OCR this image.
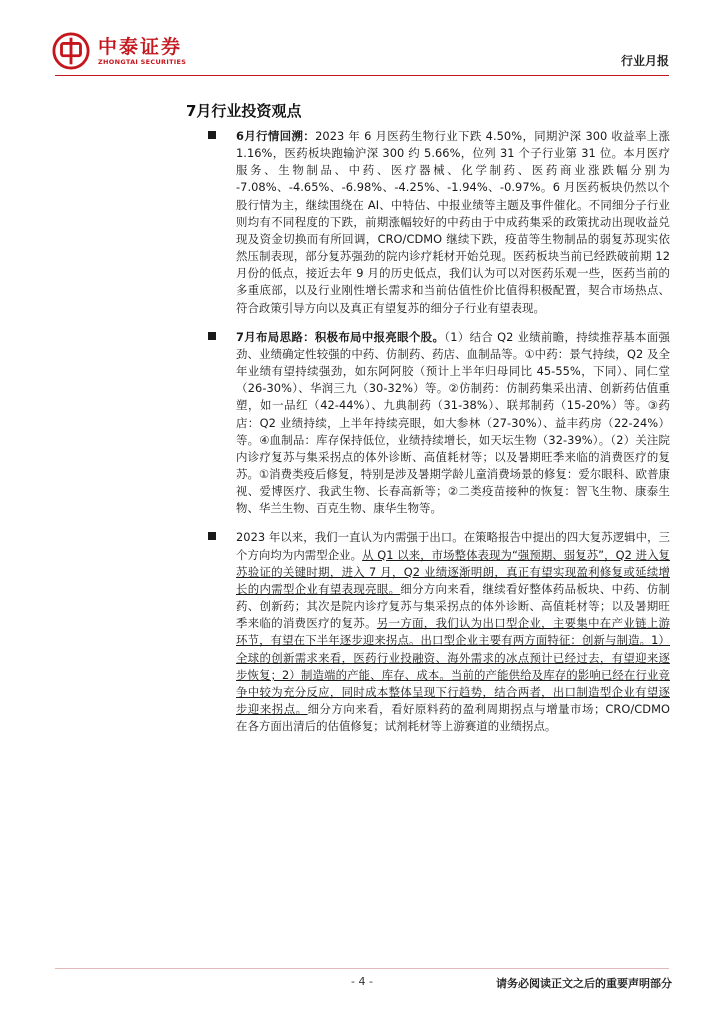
中泰证券
ZHONGTAI SECURITIES	行业月报
7月行业投资观点
6月行情回溯：2023 年 6 月医药生物行业下跌 4.50%，同期沪深 300 收益率上涨 1.16%，医药板块跑输沪深 300 约 5.66%，位列 31 个子行业第 31 位。本月医疗服务、生物制品、中药、医疗器械、化学制药、医药商业涨跌幅分别为 -7.08%、-4.65%、-6.98%、-4.25%、-1.94%、-0.97%。6 月医药板块仍然以个股行情为主，继续围绕在 AI、中特估、中报业绩等主题及事件催化。不同细分子行业则均有不同程度的下跌，前期涨幅较好的中药由于中成药集采的政策扰动出现收益兑现及资金切换而有所回调，CRO/CDMO 继续下跌，疫苗等生物制品的弱复苏现实依然压制表现，部分复苏强劲的院内诊疗耗材开始兑现。医药板块当前已经跌破前期 12 月份的低点，接近去年 9 月的历史低点，我们认为可以对医药乐观一些，医药当前的多重底部，以及行业刚性增长需求和当前估值性价比值得积极配置，契合市场热点、符合政策引导方向以及真正有望复苏的细分子行业有望表现。
7月布局思路：积极布局中报亮眼个股。（1）结合 Q2 业绩前瞻，持续推荐基本面强劲、业绩确定性较强的中药、仿制药、药店、血制品等。①中药：景气持续，Q2 及全年业绩有望持续强劲，如东阿阿胶（预计上半年归母同比 45-55%，下同）、同仁堂（26-30%）、华润三九（30-32%）等。②仿制药：仿制药集采出清、创新药估值重塑，如一品红（42-44%）、九典制药（31-38%）、联邦制药（15-20%）等。③药店：Q2 业绩持续，上半年持续亮眼，如大参林（27-30%）、益丰药房（22-24%）等。④血制品：库存保持低位，业绩持续增长，如天坛生物（32-39%）。（2）关注院内诊疗复苏与集采拐点的体外诊断、高值耗材等；以及暑期旺季来临的消费医疗的复苏。①消费类疫后修复，特别是涉及暑期学龄儿童消费场景的修复：爱尔眼科、欧普康视、爱博医疗、我武生物、长春高新等；②二类疫苗接种的恢复：智飞生物、康泰生物、华兰生物、百克生物、康华生物等。
2023 年以来，我们一直认为内需强于出口。在策略报告中提出的四大复苏逻辑中，三个方向均为内需型企业。从 Q1 以来，市场整体表现为“强预期、弱复苏”，Q2 进入复苏验证的关键时期，进入 7 月，Q2 业绩逐渐明朗，真正有望实现盈利修复或延续增长的内需型企业有望表现亮眼。细分方向来看，继续看好整体药品板块、中药、仿制药、创新药；其次是院内诊疗复苏与集采拐点的体外诊断、高值耗材等；以及暑期旺季来临的消费医疗的复苏。另一方面，我们认为出口型企业，主要集中在产业链上游环节，有望在下半年逐步迎来拐点。出口型企业主要有两方面特征：创新与制造。1）全球的创新需求来看，医药行业投融资、海外需求的冰点预计已经过去，有望迎来逐步恢复；2）制造端的产能、库存、成本。当前的产能供给及库存的影响已经在行业竞争中较为充分反应，同时成本整体呈现下行趋势，结合两者，出口制造型企业有望逐步迎来拐点。细分方向来看，看好原料药的盈利周期拐点与增量市场；CRO/CDMO 在各方面出清后的估值修复；试剂耗材等上游赛道的业绩拐点。
- 4 -	请务必阅读正文之后的重要声明部分
